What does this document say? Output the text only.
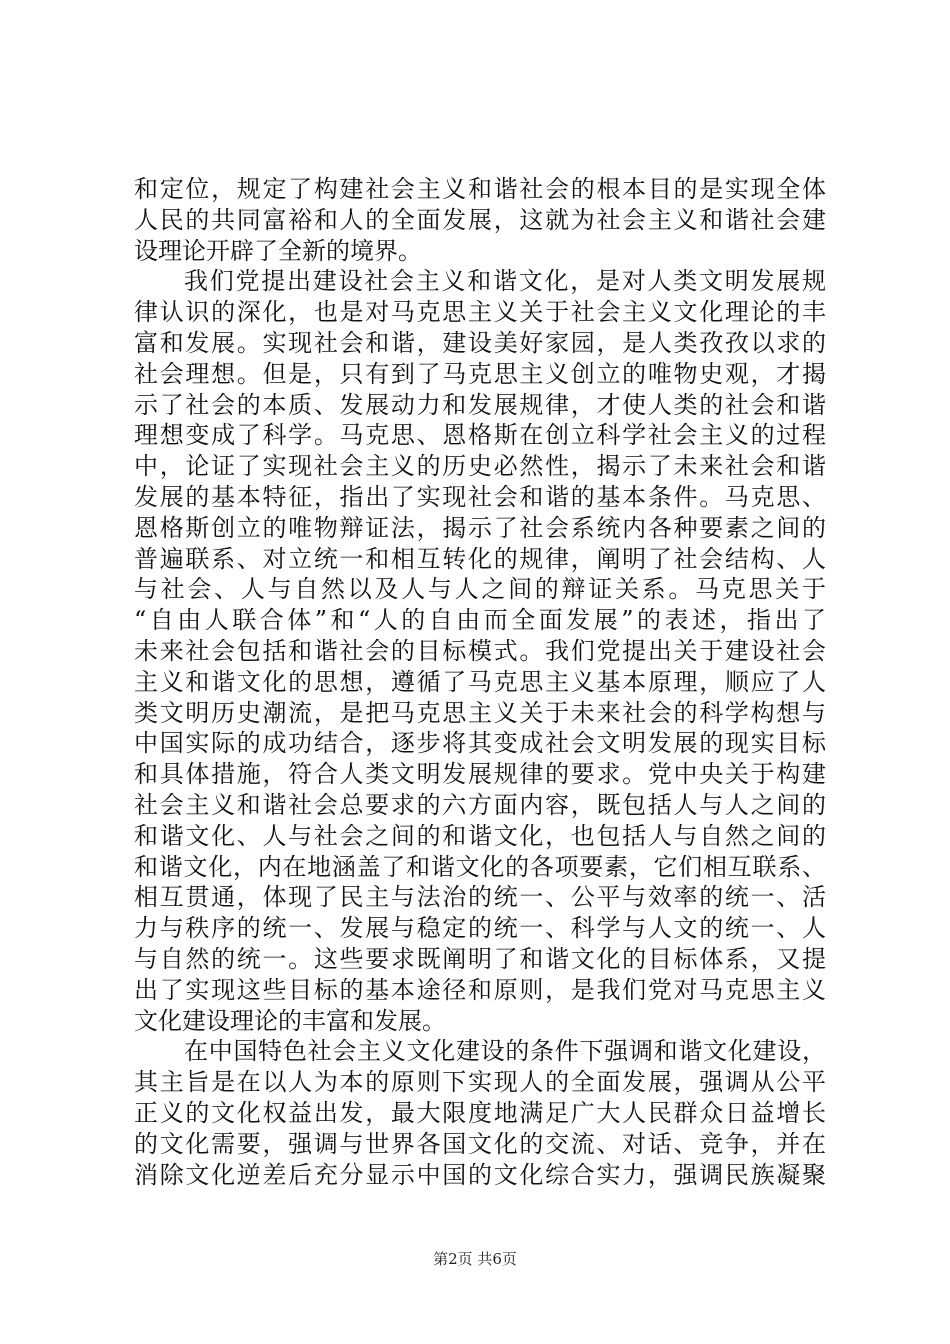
和定位，规定了构建社会主义和谐社会的根本目的是实现全体
人民的共同富裕和人的全面发展，这就为社会主义和谐社会建
设理论开辟了全新的境界。
我们党提出建设社会主义和谐文化，是对人类文明发展规
律认识的深化，也是对马克思主义关于社会主义文化理论的丰
富和发展。实现社会和谐，建设美好家园，是人类孜孜以求的
社会理想。但是，只有到了马克思主义创立的唯物史观，才揭
示了社会的本质、发展动力和发展规律，才使人类的社会和谐
理想变成了科学。马克思、恩格斯在创立科学社会主义的过程
中，论证了实现社会主义的历史必然性，揭示了未来社会和谐
发展的基本特征，指出了实现社会和谐的基本条件。马克思、
恩格斯创立的唯物辩证法，揭示了社会系统内各种要素之间的
普遍联系、对立统一和相互转化的规律，阐明了社会结构、人
与社会、人与自然以及人与人之间的辩证关系。马克思关于
“自由人联合体”和“人的自由而全面发展”的表述，指出了
未来社会包括和谐社会的目标模式。我们党提出关于建设社会
主义和谐文化的思想，遵循了马克思主义基本原理，顺应了人
类文明历史潮流，是把马克思主义关于未来社会的科学构想与
中国实际的成功结合，逐步将其变成社会文明发展的现实目标
和具体措施，符合人类文明发展规律的要求。党中央关于构建
社会主义和谐社会总要求的六方面内容，既包括人与人之间的
和谐文化、人与社会之间的和谐文化，也包括人与自然之间的
和谐文化，内在地涵盖了和谐文化的各项要素，它们相互联系、
相互贯通，体现了民主与法治的统一、公平与效率的统一、活
力与秩序的统一、发展与稳定的统一、科学与人文的统一、人
与自然的统一。这些要求既阐明了和谐文化的目标体系，又提
出了实现这些目标的基本途径和原则，是我们党对马克思主义
文化建设理论的丰富和发展。
在中国特色社会主义文化建设的条件下强调和谐文化建设，
其主旨是在以人为本的原则下实现人的全面发展，强调从公平
正义的文化权益出发，最大限度地满足广大人民群众日益增长
的文化需要，强调与世界各国文化的交流、对话、竞争，并在
消除文化逆差后充分显示中国的文化综合实力，强调民族凝聚
第2页 共6页
